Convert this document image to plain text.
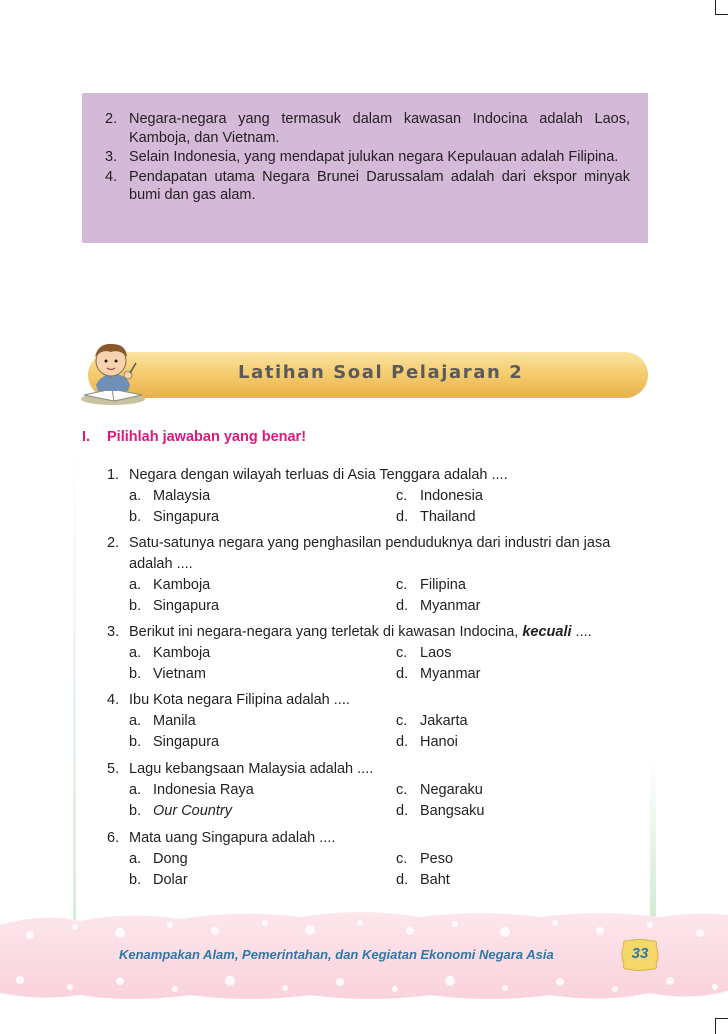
2. Negara-negara yang termasuk dalam kawasan Indocina adalah Laos, Kamboja, dan Vietnam.
3. Selain Indonesia, yang mendapat julukan negara Kepulauan adalah Filipina.
4. Pendapatan utama Negara Brunei Darussalam adalah dari ekspor minyak bumi dan gas alam.
Latihan Soal Pelajaran 2
I. Pilihlah jawaban yang benar!
1. Negara dengan wilayah terluas di Asia Tenggara adalah ....
a. Malaysia	c. Indonesia
b. Singapura	d. Thailand
2. Satu-satunya negara yang penghasilan penduduknya dari industri dan jasa adalah ....
a. Kamboja	c. Filipina
b. Singapura	d. Myanmar
3. Berikut ini negara-negara yang terletak di kawasan Indocina, kecuali ....
a. Kamboja	c. Laos
b. Vietnam	d. Myanmar
4. Ibu Kota negara Filipina adalah ....
a. Manila	c. Jakarta
b. Singapura	d. Hanoi
5. Lagu kebangsaan Malaysia adalah ....
a. Indonesia Raya	c. Negaraku
b. Our Country	d. Bangsaku
6. Mata uang Singapura adalah ....
a. Dong	c. Peso
b. Dolar	d. Baht
Kenampakan Alam, Pemerintahan, dan Kegiatan Ekonomi Negara Asia	33
